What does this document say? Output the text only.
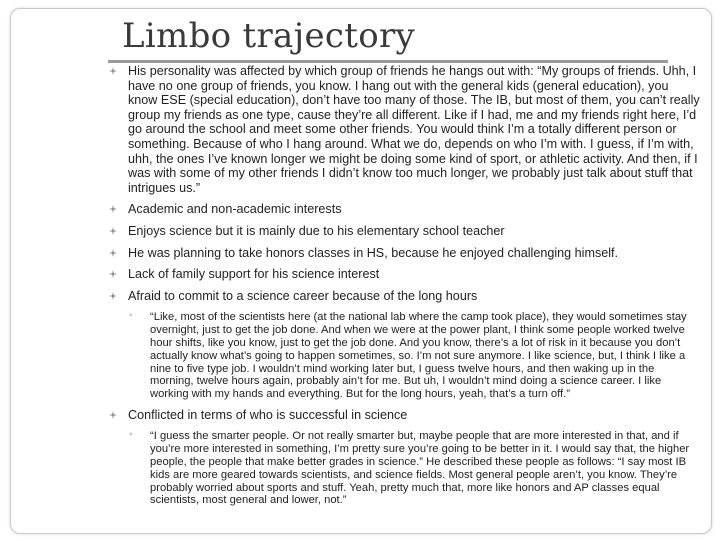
Limbo trajectory
His personality was affected by which group of friends he hangs out with: “My groups of friends. Uhh, I have no one group of friends, you know. I hang out with the general kids (general education), you know ESE (special education), don’t have too many of those. The IB, but most of them, you can’t really group my friends as one type, cause they’re all different. Like if I had, me and my friends right here, I’d go around the school and meet some other friends. You would think I’m a totally different person or something. Because of who I hang around. What we do, depends on who I’m with. I guess, if I’m with, uhh, the ones I’ve known longer we might be doing some kind of sport, or athletic activity. And then, if I was with some of my other friends I didn’t know too much longer, we probably just talk about stuff that intrigues us.”
Academic and non-academic interests
Enjoys science but it is mainly due to his elementary school teacher
He was planning to take honors classes in HS, because he enjoyed challenging himself.
Lack of family support for his science interest
Afraid to commit to a science career because of the long hours
◦ “Like, most of the scientists here (at the national lab where the camp took place), they would sometimes stay overnight, just to get the job done. And when we were at the power plant, I think some people worked twelve hour shifts, like you know, just to get the job done. And you know, there’s a lot of risk in it because you don’t actually know what’s going to happen sometimes, so. I’m not sure anymore. I like science, but, I think I like a nine to five type job. I wouldn’t mind working later but, I guess twelve hours, and then waking up in the morning, twelve hours again, probably ain’t for me. But uh, I wouldn’t mind doing a science career. I like working with my hands and everything. But for the long hours, yeah, that’s a turn off.”
Conflicted in terms of who is successful in science
◦ “I guess the smarter people. Or not really smarter but, maybe people that are more interested in that, and if you’re more interested in something, I’m pretty sure you’re going to be better in it. I would say that, the higher people, the people that make better grades in science.” He described these people as follows: “I say most IB kids are more geared towards scientists, and science fields. Most general people aren’t, you know. They’re probably worried about sports and stuff. Yeah, pretty much that, more like honors and AP classes equal scientists, most general and lower, not.”
